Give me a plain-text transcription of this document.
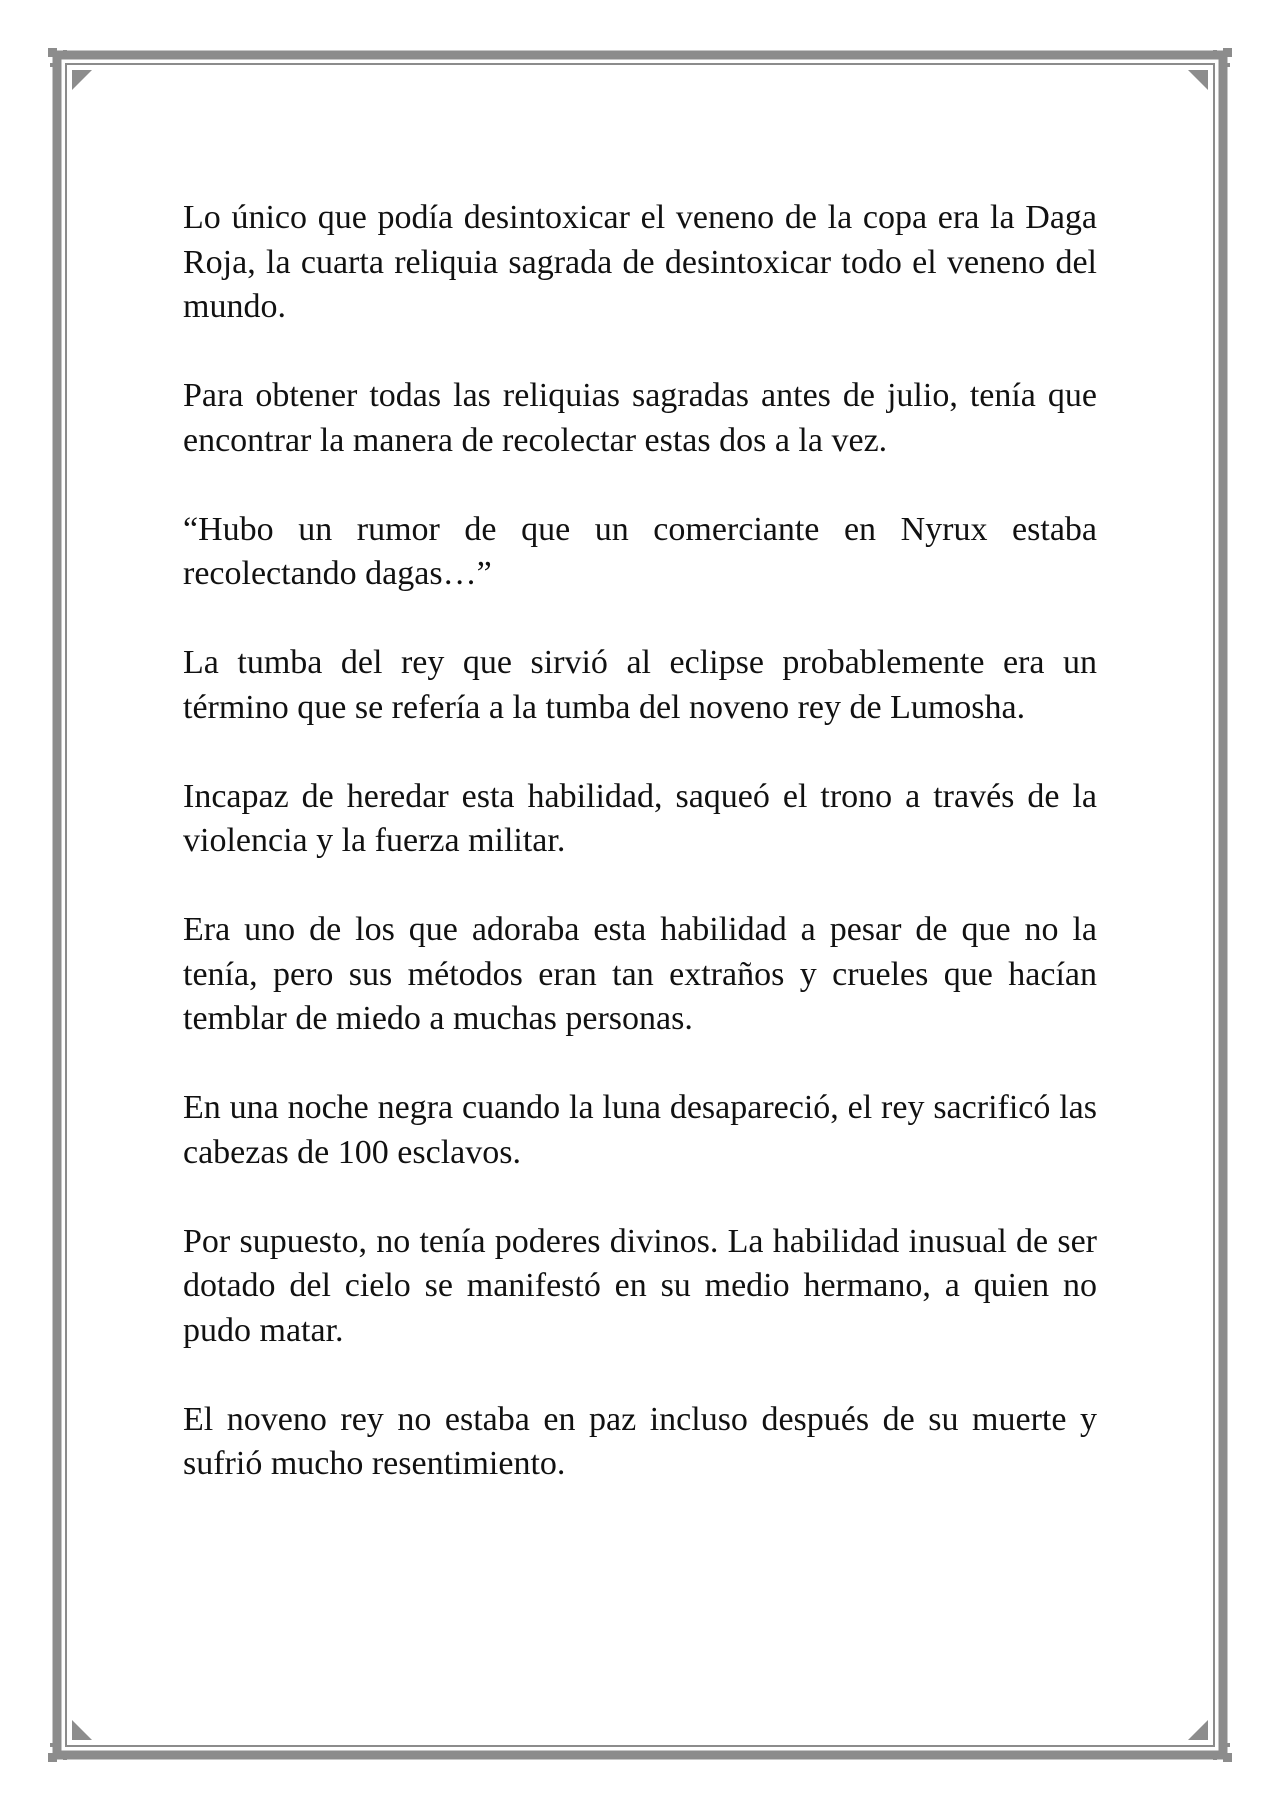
Lo único que podía desintoxicar el veneno de la copa era la Daga Roja, la cuarta reliquia sagrada de desintoxicar todo el veneno del mundo.

Para obtener todas las reliquias sagradas antes de julio, tenía que encontrar la manera de recolectar estas dos a la vez.

“Hubo un rumor de que un comerciante en Nyrux estaba recolectando dagas…”

La tumba del rey que sirvió al eclipse probablemente era un término que se refería a la tumba del noveno rey de Lumosha.

Incapaz de heredar esta habilidad, saqueó el trono a través de la violencia y la fuerza militar.

Era uno de los que adoraba esta habilidad a pesar de que no la tenía, pero sus métodos eran tan extraños y crueles que hacían temblar de miedo a muchas personas.

En una noche negra cuando la luna desapareció, el rey sacrificó las cabezas de 100 esclavos.

Por supuesto, no tenía poderes divinos. La habilidad inusual de ser dotado del cielo se manifestó en su medio hermano, a quien no pudo matar.

El noveno rey no estaba en paz incluso después de su muerte y sufrió mucho resentimiento.
